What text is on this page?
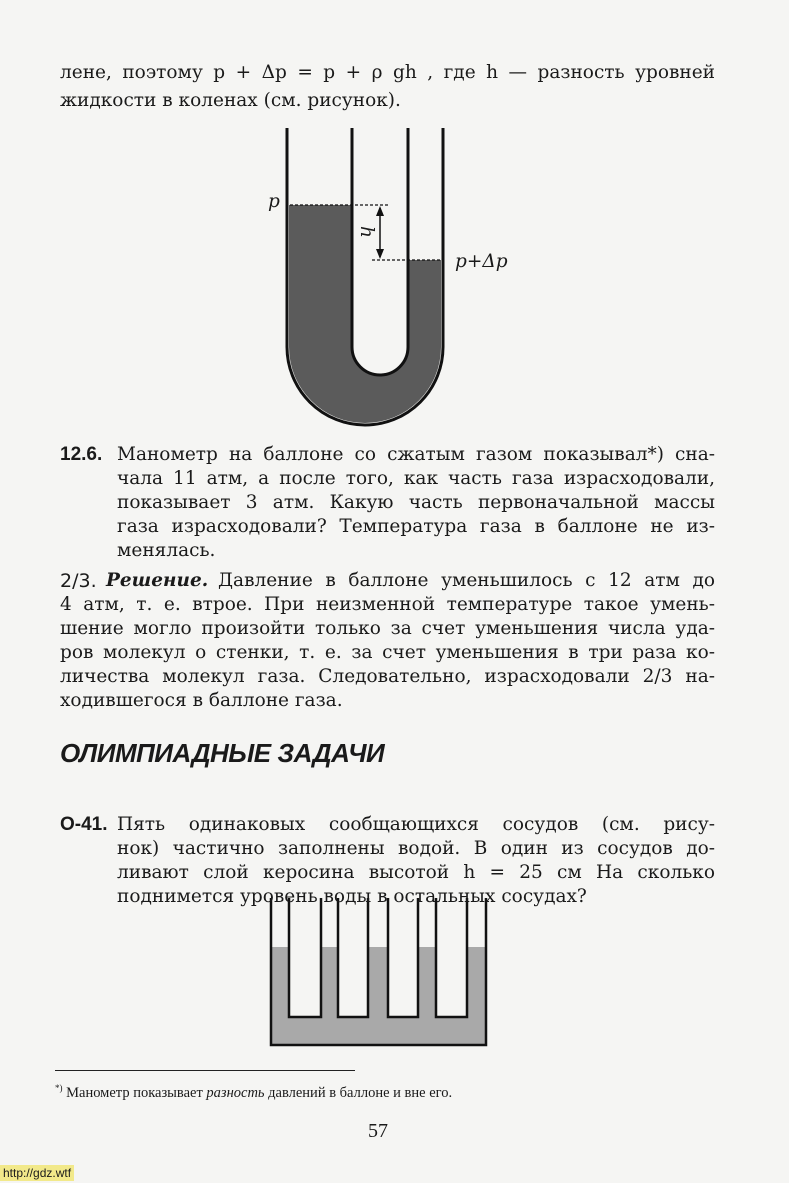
лене, поэтому p + Δp = p + ρ gh , где h — разность уровней
жидкости в коленах (см. рисунок).
p
h
p+Δp
12.6. Манометр на баллоне со сжатым газом показывал*) сна-
чала 11 атм, а после того, как часть газа израсходовали,
показывает 3 атм. Какую часть первоначальной массы
газа израсходовали? Температура газа в баллоне не из-
менялась.
2/3. Решение. Давление в баллоне уменьшилось с 12 атм до
4 атм, т. е. втрое. При неизменной температуре такое умень-
шение могло произойти только за счет уменьшения числа уда-
ров молекул о стенки, т. е. за счет уменьшения в три раза ко-
личества молекул газа. Следовательно, израсходовали 2/3 на-
ходившегося в баллоне газа.
ОЛИМПИАДНЫЕ ЗАДАЧИ
О-41. Пять одинаковых сообщающихся сосудов (см. рису-
нок) частично заполнены водой. В один из сосудов до-
ливают слой керосина высотой h = 25 см На сколько
поднимется уровень воды в остальных сосудах?
*) Манометр показывает разность давлений в баллоне и вне его.
57
http://gdz.wtf
